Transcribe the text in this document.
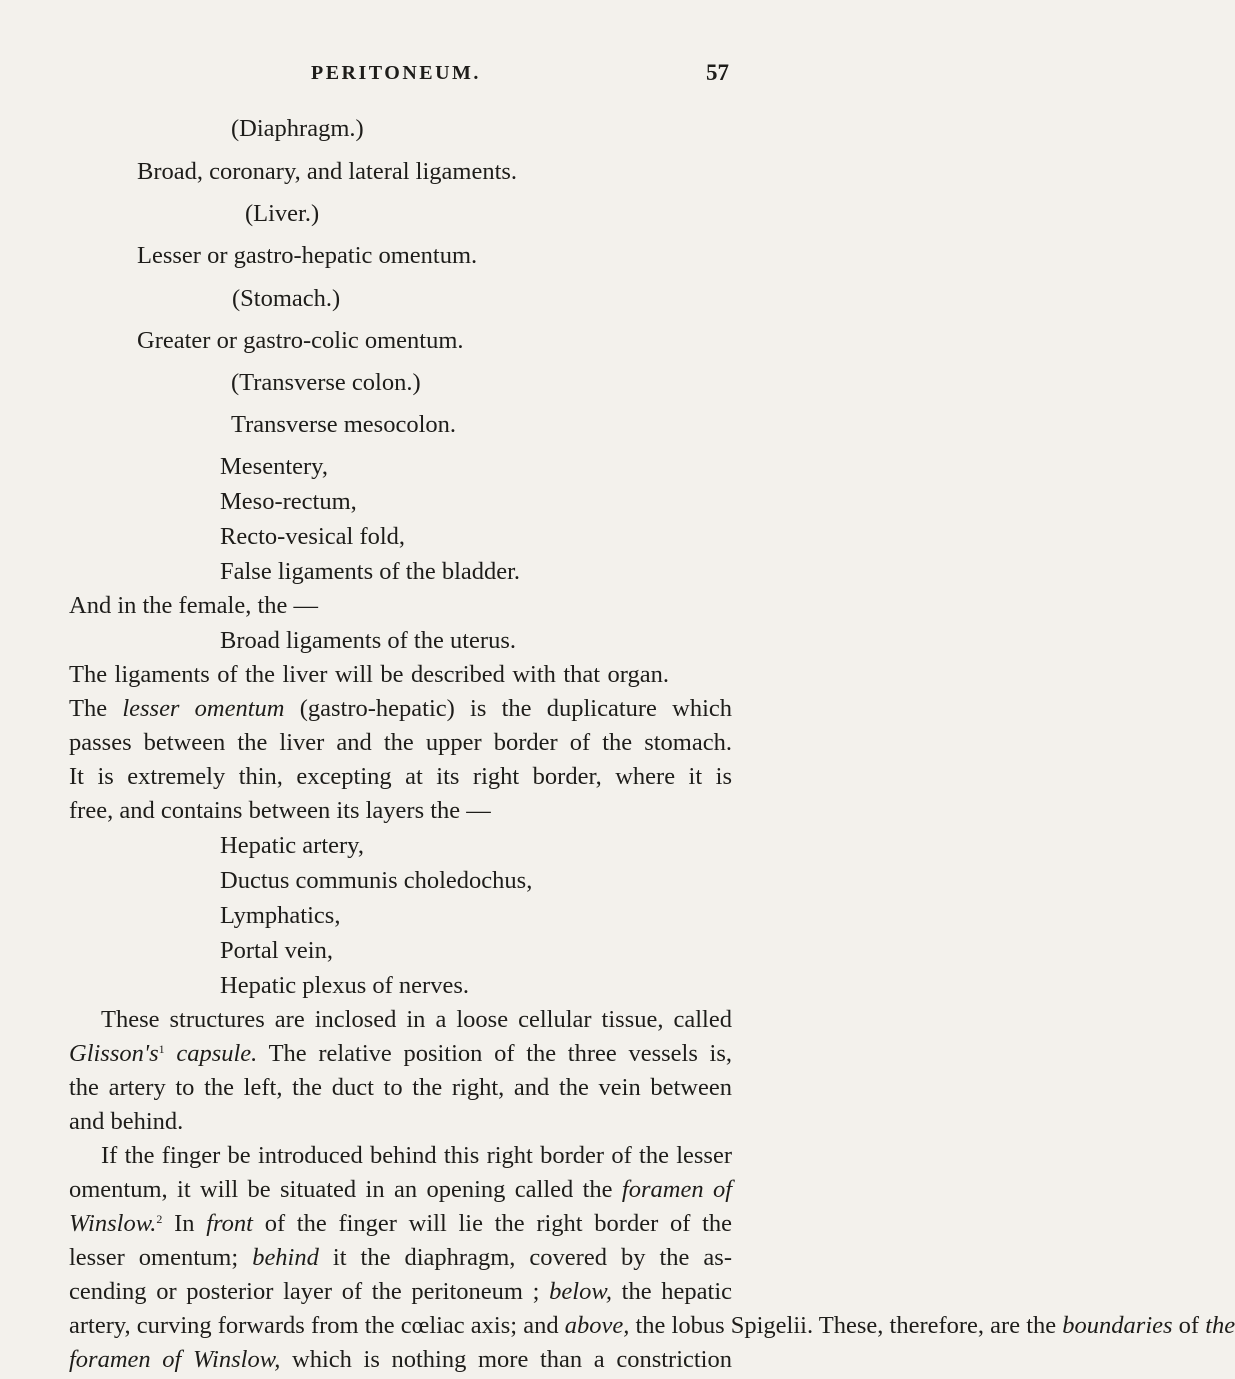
PERITONEUM.	57
(Diaphragm.)
Broad, coronary, and lateral ligaments.
(Liver.)
Lesser or gastro-hepatic omentum.
(Stomach.)
Greater or gastro-colic omentum.
(Transverse colon.)
Transverse mesocolon.
Mesentery,
Meso-rectum,
Recto-vesical fold,
False ligaments of the bladder.
And in the female, the —
Broad ligaments of the uterus.
The ligaments of the liver will be described with that organ.
The lesser omentum (gastro-hepatic) is the duplicature which
passes between the liver and the upper border of the stomach.
It is extremely thin, excepting at its right border, where it is
free, and contains between its layers the —
Hepatic artery,
Ductus communis choledochus,
Lymphatics,
Portal vein,
Hepatic plexus of nerves.
These structures are inclosed in a loose cellular tissue, called
$Glisson's^1$ capsule. The relative position of the three vessels is,
the artery to the left, the duct to the right, and the vein between
and behind.
If the finger be introduced behind this right border of the lesser
omentum, it will be situated in an opening called the foramen of
Winslow.$^2$ In front of the finger will lie the right border of the
lesser omentum; behind it the diaphragm, covered by the as-
cending or posterior layer of the peritoneum ; below, the hepatic
artery, curving forwards from the cœliac axis; and above, the lobus Spigelii. These, therefore, are the boundaries of the
foramen of Winslow, which is nothing more than a constriction
